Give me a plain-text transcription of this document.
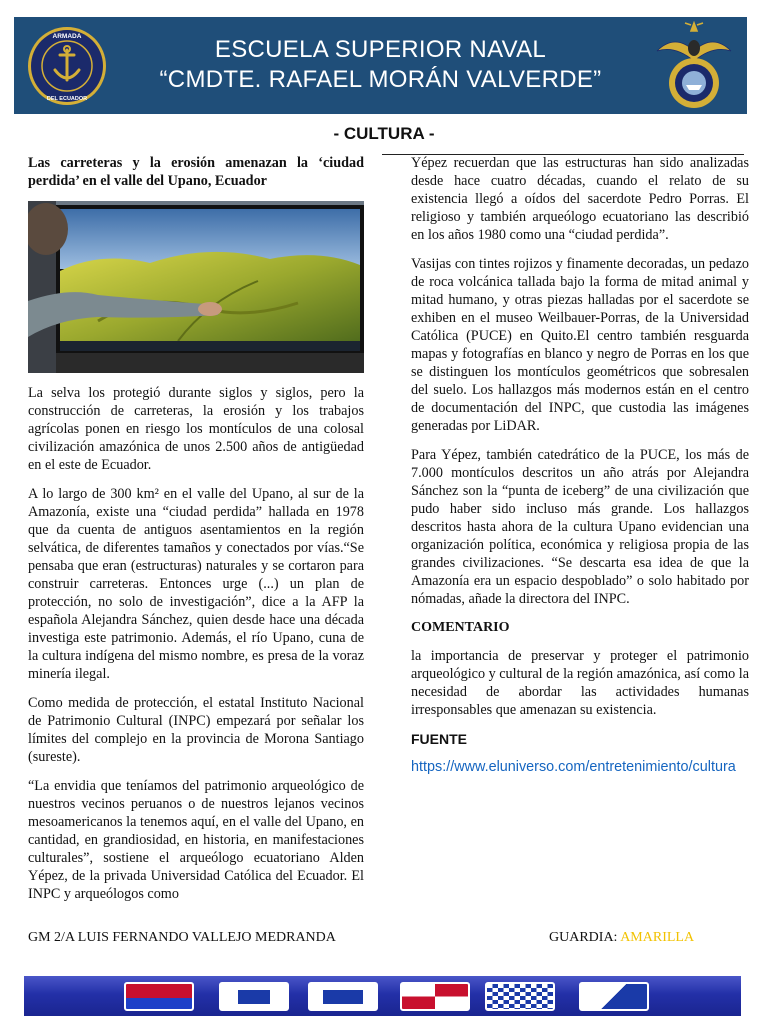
ARMADA
DEL ECUADOR
ESCUELA SUPERIOR NAVAL
“CMDTE. RAFAEL MORÁN VALVERDE”
- CULTURA -
Las carreteras y la erosión amenazan la ‘ciudad perdida’ en el valle del Upano, Ecuador

La selva los protegió durante siglos y siglos, pero la construcción de carreteras, la erosión y los trabajos agrícolas ponen en riesgo los montículos de una colosal civilización amazónica de unos 2.500 años de antigüedad en el este de Ecuador.

A lo largo de 300 km² en el valle del Upano, al sur de la Amazonía, existe una “ciudad perdida” hallada en 1978 que da cuenta de antiguos asentamientos en la región selvática, de diferentes tamaños y conectados por vías.“Se pensaba que eran (estructuras) naturales y se cortaron para construir carreteras. Entonces urge (...) un plan de protección, no solo de investigación”, dice a la AFP la española Alejandra Sánchez, quien desde hace una década investiga este patrimonio. Además, el río Upano, cuna de la cultura indígena del mismo nombre, es presa de la voraz minería ilegal.

Como medida de protección, el estatal Instituto Nacional de Patrimonio Cultural (INPC) empezará por señalar los límites del complejo en la provincia de Morona Santiago (sureste).

“La envidia que teníamos del patrimonio arqueológico de nuestros vecinos peruanos o de nuestros lejanos vecinos mesoamericanos la tenemos aquí, en el valle del Upano, en cantidad, en grandiosidad, en historia, en manifestaciones culturales”, sostiene el arqueólogo ecuatoriano Alden Yépez, de la privada Universidad Católica del Ecuador. El INPC y arqueólogos como

Yépez recuerdan que las estructuras han sido analizadas desde hace cuatro décadas, cuando el relato de su existencia llegó a oídos del sacerdote Pedro Porras. El religioso y también arqueólogo ecuatoriano las describió en los años 1980 como una “ciudad perdida”.

Vasijas con tintes rojizos y finamente decoradas, un pedazo de roca volcánica tallada bajo la forma de mitad animal y mitad humano, y otras piezas halladas por el sacerdote se exhiben en el museo Weilbauer-Porras, de la Universidad Católica (PUCE) en Quito.El centro también resguarda mapas y fotografías en blanco y negro de Porras en los que se distinguen los montículos geométricos que sobresalen del suelo. Los hallazgos más modernos están en el centro de documentación del INPC, que custodia las imágenes generadas por LiDAR.

Para Yépez, también catedrático de la PUCE, los más de 7.000 montículos descritos un año atrás por Alejandra Sánchez son la “punta de iceberg” de una civilización que pudo haber sido incluso más grande. Los hallazgos descritos hasta ahora de la cultura Upano evidencian una organización política, económica y religiosa propia de las grandes civilizaciones. “Se descarta esa idea de que la Amazonía era un espacio despoblado” o solo habitado por nómadas, añade la directora del INPC.

COMENTARIO

la importancia de preservar y proteger el patrimonio arqueológico y cultural de la región amazónica, así como la necesidad de abordar las actividades humanas irresponsables que amenazan su existencia.

FUENTE
https://www.eluniverso.com/entretenimiento/cultura
GM 2/A LUIS FERNANDO VALLEJO MEDRANDA	GUARDIA: AMARILLA
